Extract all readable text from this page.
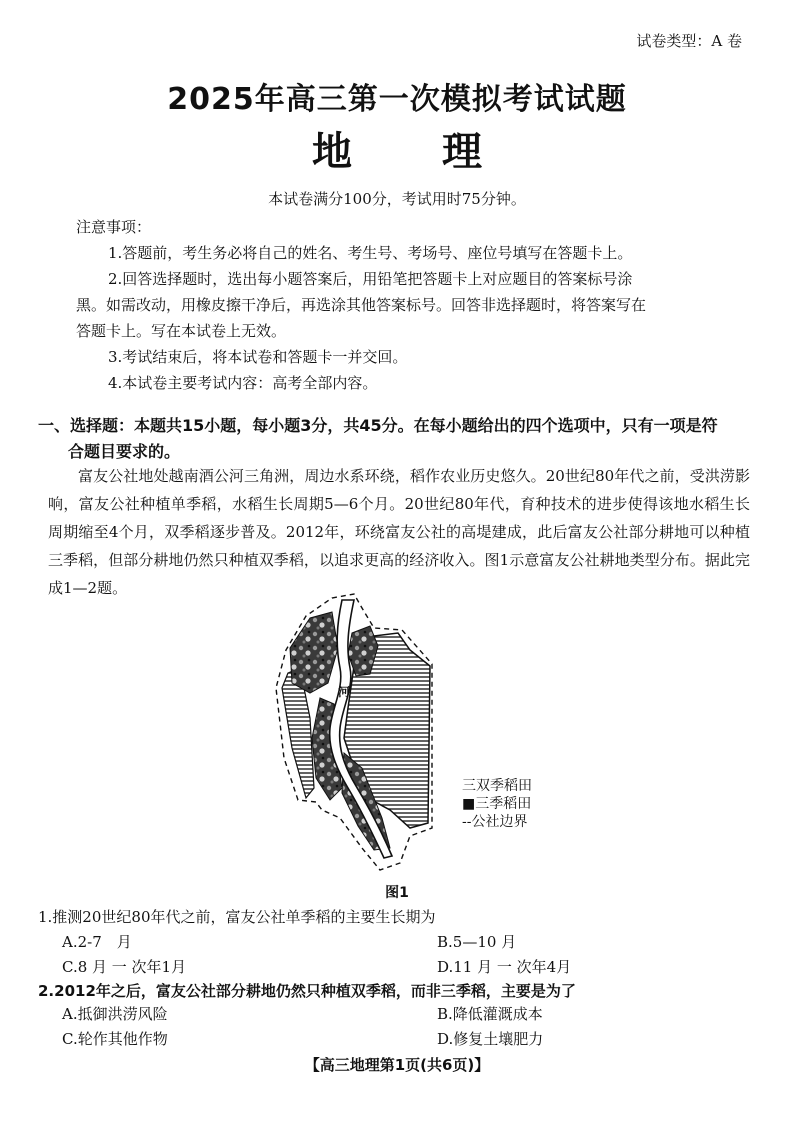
试卷类型：A 卷
2025年高三第一次模拟考试试题
地 理
本试卷满分100分，考试用时75分钟。
注意事项：
1.答题前，考生务必将自己的姓名、考生号、考场号、座位号填写在答题卡上。
2.回答选择题时，选出每小题答案后，用铅笔把答题卡上对应题目的答案标号涂
黑。如需改动，用橡皮擦干净后，再选涂其他答案标号。回答非选择题时，将答案写在
答题卡上。写在本试卷上无效。
3.考试结束后，将本试卷和答题卡一并交回。
4.本试卷主要考试内容：高考全部内容。
一、选择题：本题共15小题，每小题3分，共45分。在每小题给出的四个选项中，只有一项是符
合题目要求的。
富友公社地处越南酒公河三角洲，周边水系环绕，稻作农业历史悠久。20世纪80年代之前，受洪涝影响，富友公社种植单季稻，水稻生长周期5—6个月。20世纪80年代，育种技术的进步使得该地水稻生长周期缩至4个月，双季稻逐步普及。2012年，环绕富友公社的高堤建成，此后富友公社部分耕地可以种植三季稻，但部分耕地仍然只种植双季稻，以追求更高的经济收入。图1示意富友公社耕地类型分布。据此完成1—2题。
河
三双季稻田
■三季稻田
--公社边界
图1
1.推测20世纪80年代之前，富友公社单季稻的主要生长期为
A.2-7　月	B.5—10 月
C.8 月 一 次年1月	D.11 月 一 次年4月
2.2012年之后，富友公社部分耕地仍然只种植双季稻，而非三季稻，主要是为了
A.抵御洪涝风险	B.降低灌溉成本
C.轮作其他作物	D.修复土壤肥力
【高三地理第1页(共6页)】
